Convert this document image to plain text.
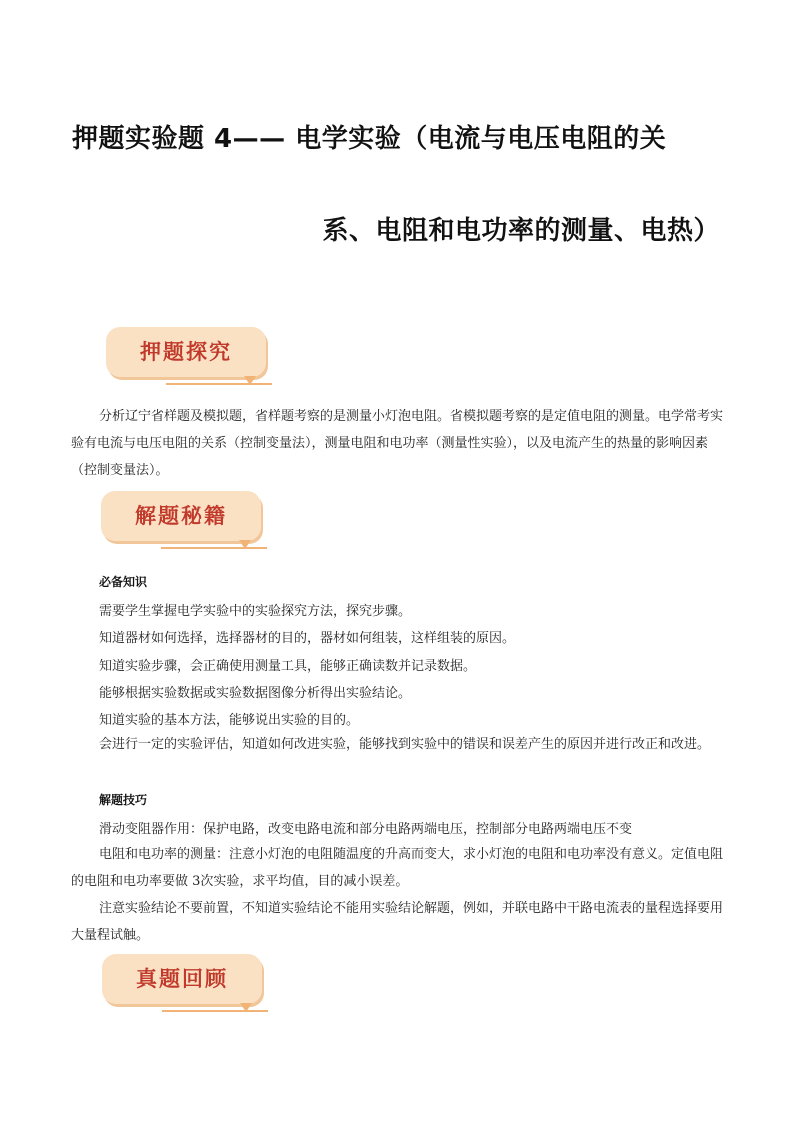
押题实验题 4—— 电学实验（电流与电压电阻的关
系、电阻和电功率的测量、电热）
押题探究
分析辽宁省样题及模拟题，省样题考察的是测量小灯泡电阻。省模拟题考察的是定值电阻的测量。电学常考实验有电流与电压电阻的关系（控制变量法），测量电阻和电功率（测量性实验），以及电流产生的热量的影响因素（控制变量法）。
解题秘籍
必备知识
需要学生掌握电学实验中的实验探究方法，探究步骤。
知道器材如何选择，选择器材的目的，器材如何组装，这样组装的原因。
知道实验步骤，会正确使用测量工具，能够正确读数并记录数据。
能够根据实验数据或实验数据图像分析得出实验结论。
知道实验的基本方法，能够说出实验的目的。
会进行一定的实验评估，知道如何改进实验，能够找到实验中的错误和误差产生的原因并进行改正和改进。
解题技巧
滑动变阻器作用：保护电路，改变电路电流和部分电路两端电压，控制部分电路两端电压不变
电阻和电功率的测量：注意小灯泡的电阻随温度的升高而变大，求小灯泡的电阻和电功率没有意义。定值电阻的电阻和电功率要做 3次实验，求平均值，目的减小误差。
注意实验结论不要前置，不知道实验结论不能用实验结论解题，例如，并联电路中干路电流表的量程选择要用大量程试触。
真题回顾
